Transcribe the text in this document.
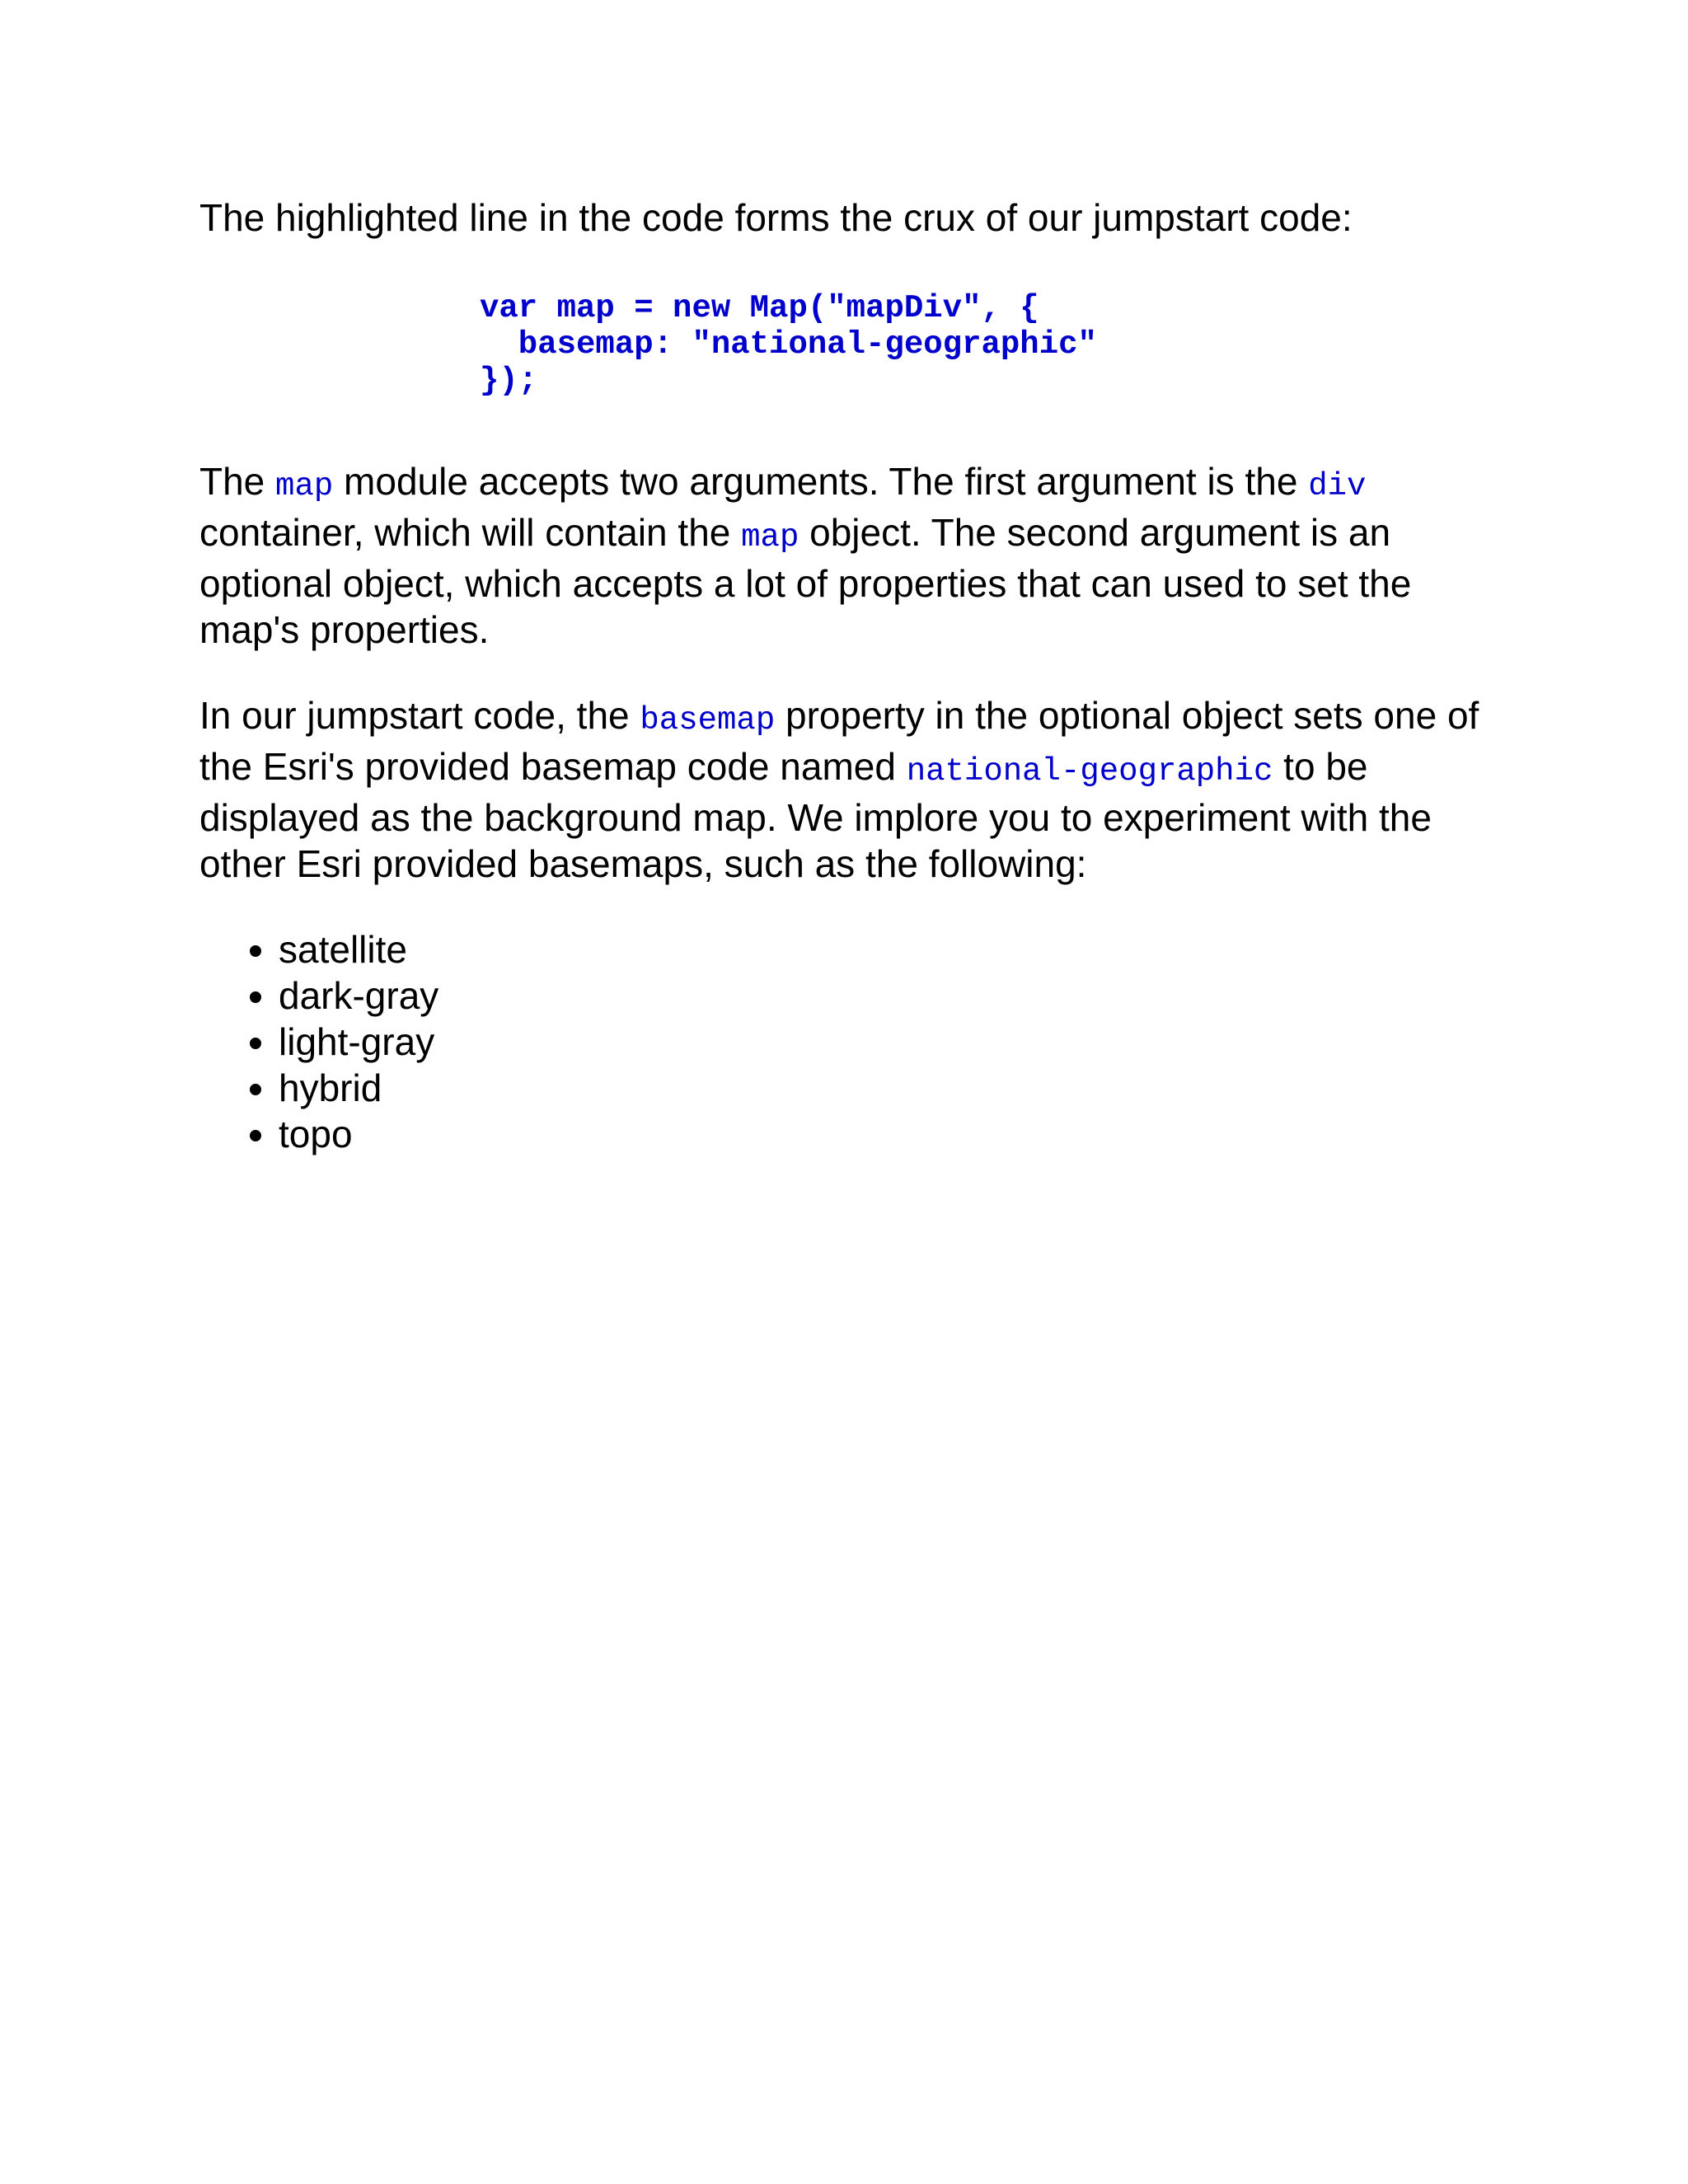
The highlighted line in the code forms the crux of our jumpstart code:

var map = new Map("mapDiv", {
basemap: "national-geographic"
});

The map module accepts two arguments. The first argument is the div container, which will contain the map object. The second argument is an optional object, which accepts a lot of properties that can used to set the map's properties.

In our jumpstart code, the basemap property in the optional object sets one of the Esri's provided basemap code named national-geographic to be displayed as the background map. We implore you to experiment with the other Esri provided basemaps, such as the following:

• satellite
• dark-gray
• light-gray
• hybrid
• topo
